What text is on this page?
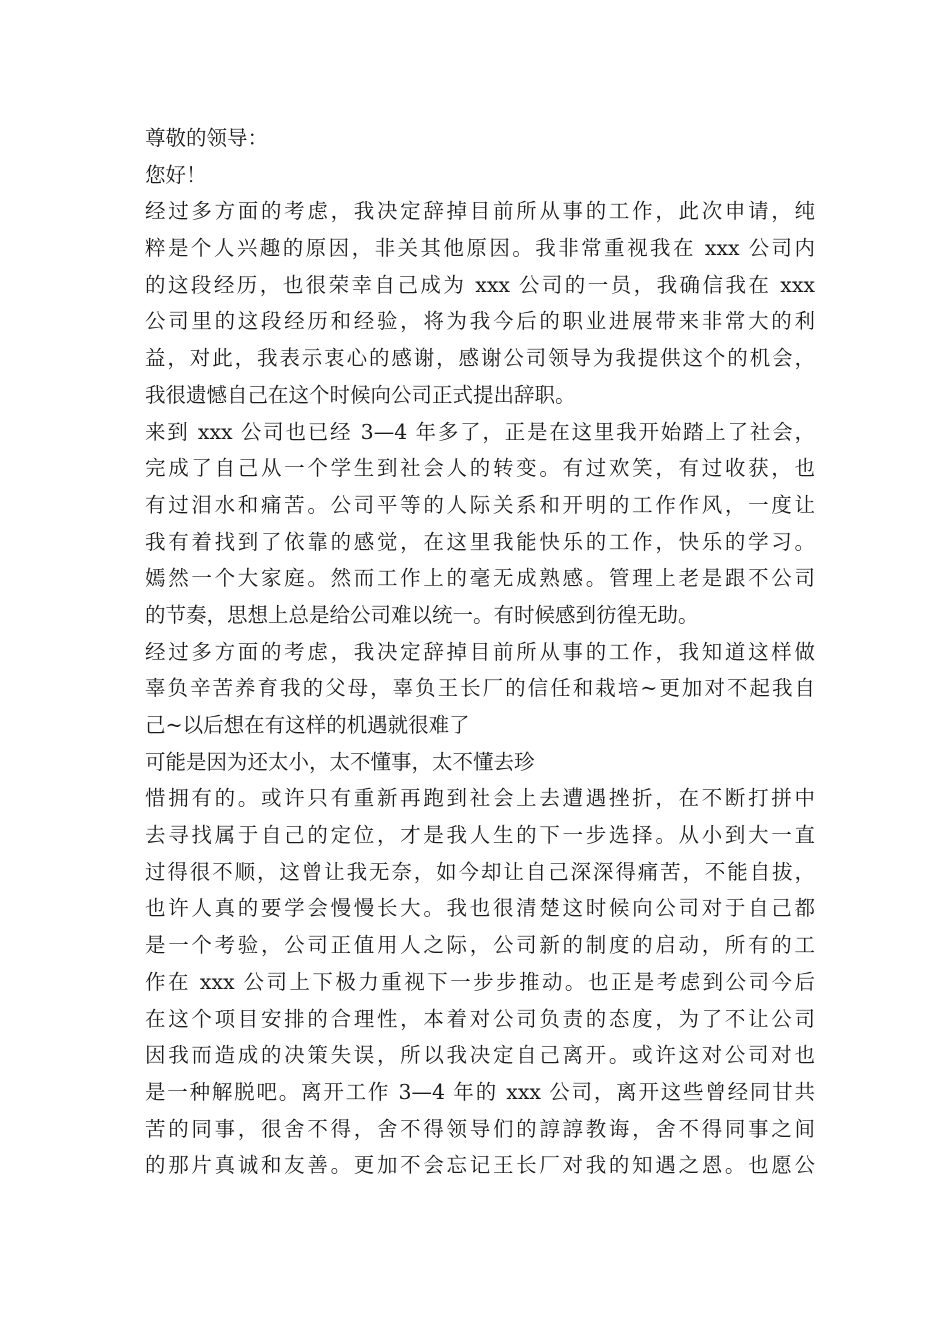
尊敬的领导：
您好！
经过多方面的考虑，我决定辞掉目前所从事的工作，此次申请，纯
粹是个人兴趣的原因，非关其他原因。我非常重视我在 xxx 公司内
的这段经历，也很荣幸自己成为 xxx 公司的一员，我确信我在 xxx
公司里的这段经历和经验，将为我今后的职业进展带来非常大的利
益，对此，我表示衷心的感谢，感谢公司领导为我提供这个的机会，
我很遗憾自己在这个时候向公司正式提出辞职。
来到 xxx 公司也已经 3—4 年多了，正是在这里我开始踏上了社会，
完成了自己从一个学生到社会人的转变。有过欢笑，有过收获，也
有过泪水和痛苦。公司平等的人际关系和开明的工作作风，一度让
我有着找到了依靠的感觉，在这里我能快乐的工作，快乐的学习。
嫣然一个大家庭。然而工作上的毫无成熟感。管理上老是跟不公司
的节奏，思想上总是给公司难以统一。有时候感到彷徨无助。
经过多方面的考虑，我决定辞掉目前所从事的工作，我知道这样做
辜负辛苦养育我的父母，辜负王长厂的信任和栽培~更加对不起我自
己~以后想在有这样的机遇就很难了
可能是因为还太小，太不懂事，太不懂去珍
惜拥有的。或许只有重新再跑到社会上去遭遇挫折，在不断打拼中
去寻找属于自己的定位，才是我人生的下一步选择。从小到大一直
过得很不顺，这曾让我无奈，如今却让自己深深得痛苦，不能自拔，
也许人真的要学会慢慢长大。我也很清楚这时候向公司对于自己都
是一个考验，公司正值用人之际，公司新的制度的启动，所有的工
作在 xxx 公司上下极力重视下一步步推动。也正是考虑到公司今后
在这个项目安排的合理性，本着对公司负责的态度，为了不让公司
因我而造成的决策失误，所以我决定自己离开。或许这对公司对也
是一种解脱吧。离开工作 3—4 年的 xxx 公司，离开这些曾经同甘共
苦的同事，很舍不得，舍不得领导们的諄諄教诲，舍不得同事之间
的那片真诚和友善。更加不会忘记王长厂对我的知遇之恩。也愿公
